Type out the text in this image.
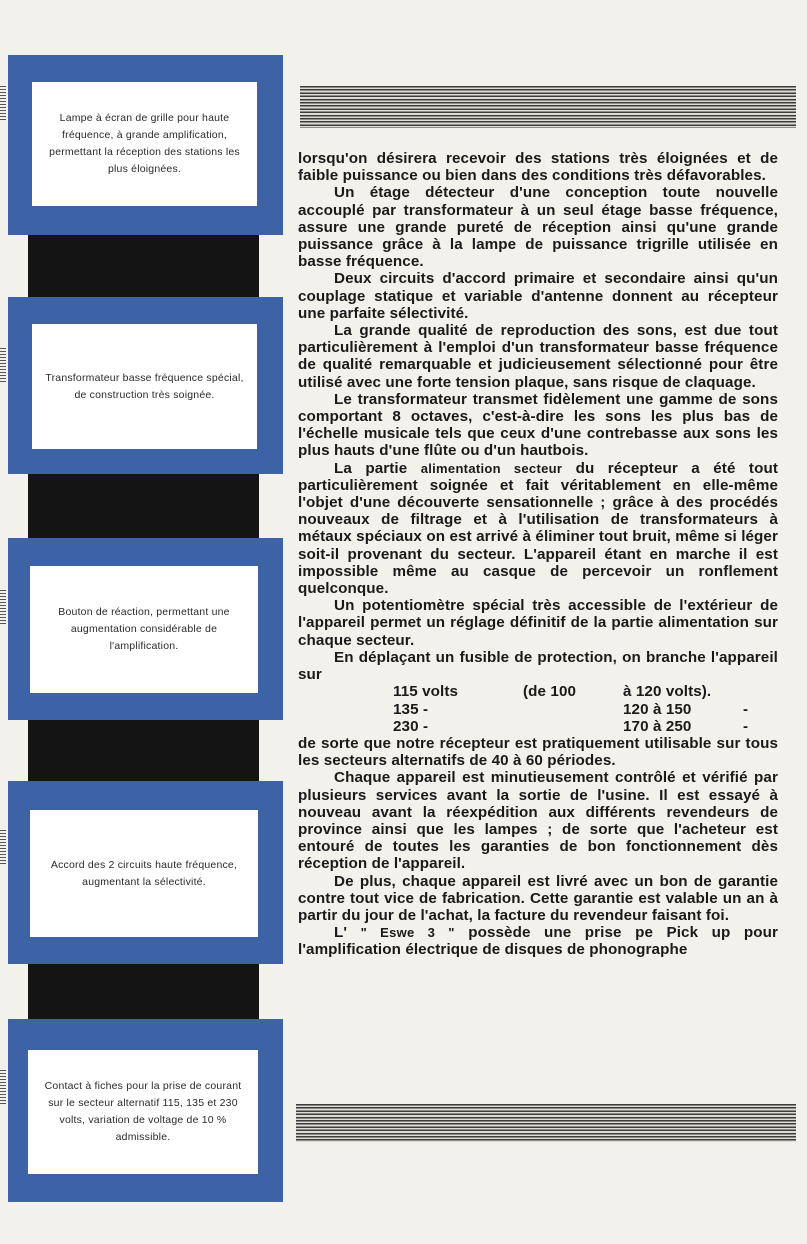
Lampe à écran de grille pour haute fréquence, à grande amplification, permettant la réception des stations les plus éloignées.
Transformateur basse fréquence spécial, de construction très soignée.
Bouton de réaction, permettant une augmentation considérable de l'amplification.
Accord des 2 circuits haute fréquence, augmentant la sélectivité.
Contact à fiches pour la prise de courant sur le secteur alternatif 115, 135 et 230 volts, variation de voltage de 10 % admissible.

lorsqu'on désirera recevoir des stations très éloignées et de faible puissance ou bien dans des conditions très défavorables.

Un étage détecteur d'une conception toute nouvelle accouplé par transformateur à un seul étage basse fréquence, assure une grande pureté de réception ainsi qu'une grande puissance grâce à la lampe de puissance trigrille utilisée en basse fréquence.

Deux circuits d'accord primaire et secondaire ainsi qu'un couplage statique et variable d'antenne donnent au récepteur une parfaite sélectivité.

La grande qualité de reproduction des sons, est due tout particulièrement à l'emploi d'un transformateur basse fréquence de qualité remarquable et judicieusement sélectionné pour être utilisé avec une forte tension plaque, sans risque de claquage.

Le transformateur transmet fidèlement une gamme de sons comportant 8 octaves, c'est-à-dire les sons les plus bas de l'échelle musicale tels que ceux d'une contrebasse aux sons les plus hauts d'une flûte ou d'un hautbois.

La partie alimentation secteur du récepteur a été tout particulièrement soignée et fait véritablement en elle-même l'objet d'une découverte sensationnelle ; grâce à des procédés nouveaux de filtrage et à l'utilisation de transformateurs à métaux spéciaux on est arrivé à éliminer tout bruit, même si léger soit-il provenant du secteur. L'appareil étant en marche il est impossible même au casque de percevoir un ronflement quelconque.

Un potentiomètre spécial très accessible de l'extérieur de l'appareil permet un réglage définitif de la partie alimentation sur chaque secteur.

En déplaçant un fusible de protection, on branche l'appareil sur

115 volts	(de 100	à 120 volts).
135 -	120 à 150	-
230 -	170 à 250	-

de sorte que notre récepteur est pratiquement utilisable sur tous les secteurs alternatifs de 40 à 60 périodes.

Chaque appareil est minutieusement contrôlé et vérifié par plusieurs services avant la sortie de l'usine. Il est essayé à nouveau avant la réexpédition aux différents revendeurs de province ainsi que les lampes ; de sorte que l'acheteur est entouré de toutes les garanties de bon fonctionnement dès réception de l'appareil.

De plus, chaque appareil est livré avec un bon de garantie contre tout vice de fabrication. Cette garantie est valable un an à partir du jour de l'achat, la facture du revendeur faisant foi.

L' " Eswe 3 " possède une prise pe Pick up pour l'amplification électrique de disques de phonographe
